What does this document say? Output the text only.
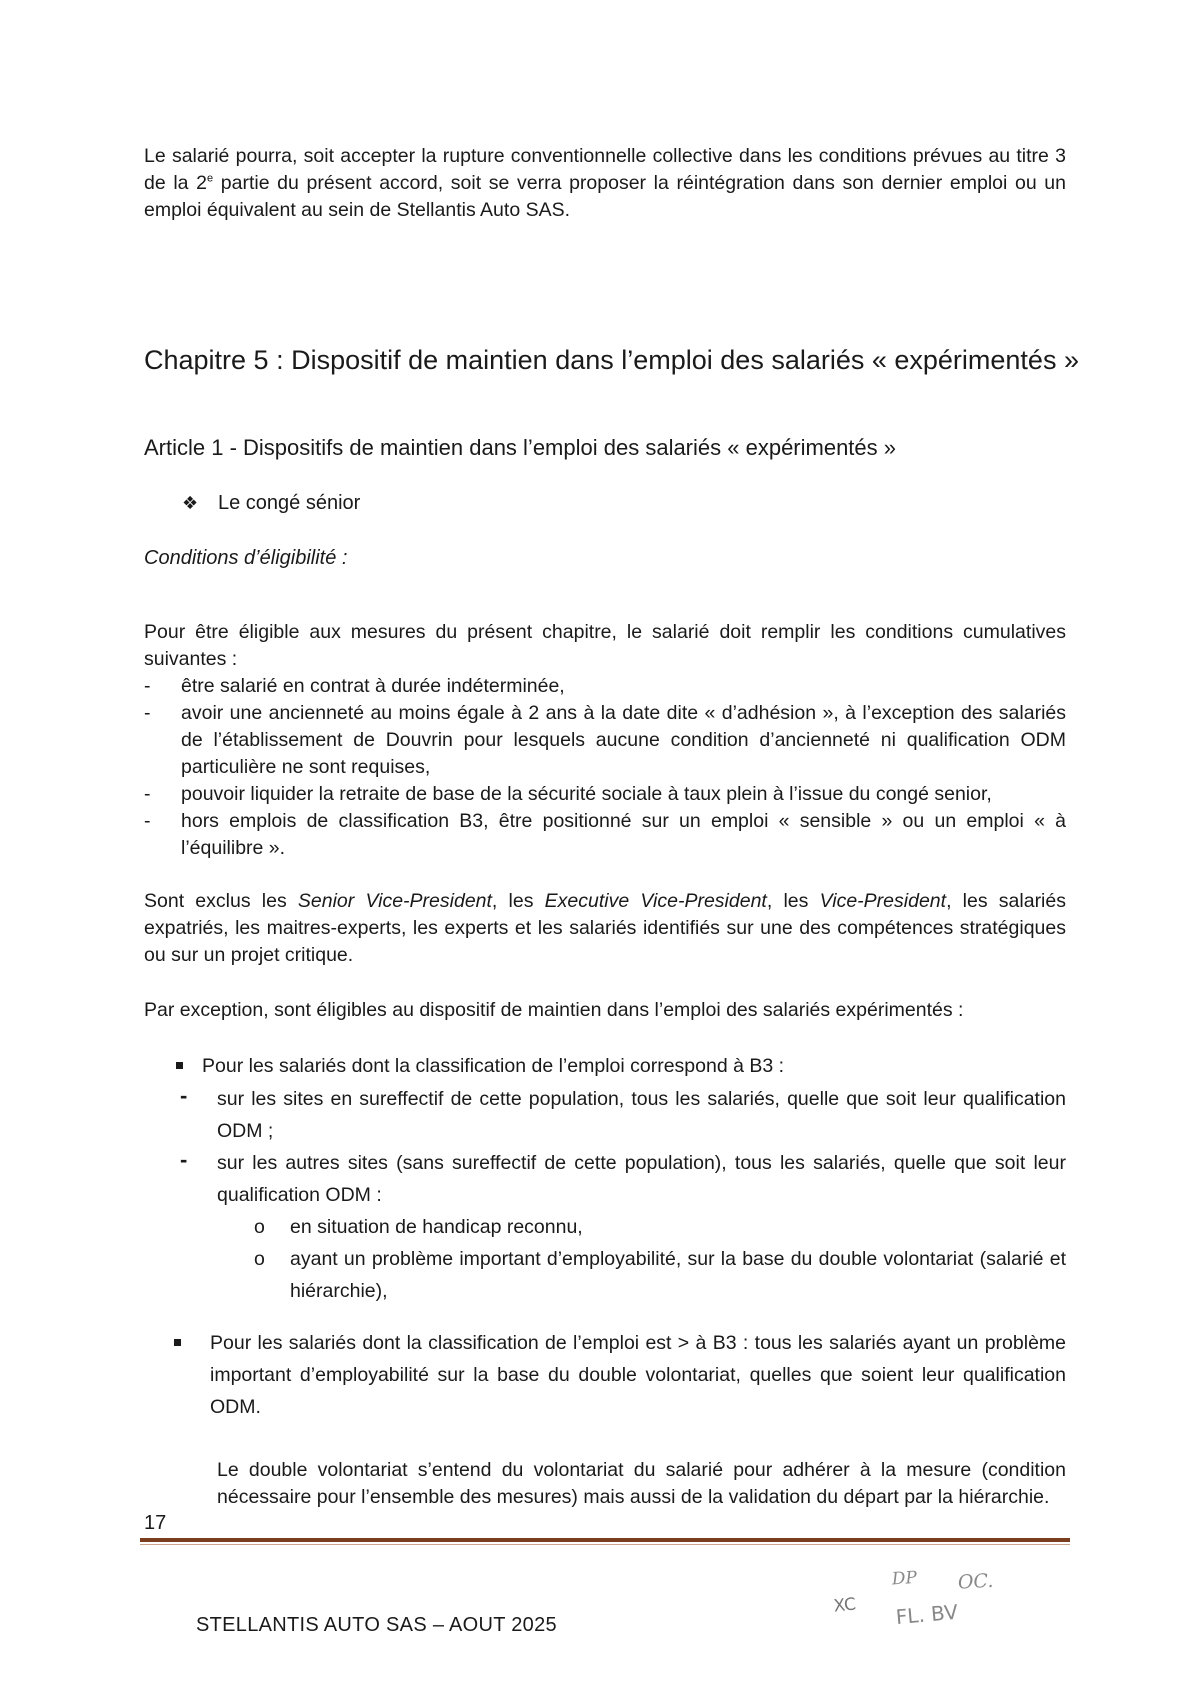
Le salarié pourra, soit accepter la rupture conventionnelle collective dans les conditions prévues au titre 3 de la 2e partie du présent accord, soit se verra proposer la réintégration dans son dernier emploi ou un emploi équivalent au sein de Stellantis Auto SAS.
Chapitre 5 : Dispositif de maintien dans l’emploi des salariés « expérimentés »
Article 1 - Dispositifs de maintien dans l’emploi des salariés « expérimentés »
❖ Le congé sénior
Conditions d’éligibilité :
Pour être éligible aux mesures du présent chapitre, le salarié doit remplir les conditions cumulatives suivantes :
- être salarié en contrat à durée indéterminée,
- avoir une ancienneté au moins égale à 2 ans à la date dite « d’adhésion », à l’exception des salariés de l’établissement de Douvrin pour lesquels aucune condition d’ancienneté ni qualification ODM particulière ne sont requises,
- pouvoir liquider la retraite de base de la sécurité sociale à taux plein à l’issue du congé senior,
- hors emplois de classification B3, être positionné sur un emploi « sensible » ou un emploi « à l’équilibre ».
Sont exclus les Senior Vice-President, les Executive Vice-President, les Vice-President, les salariés expatriés, les maitres-experts, les experts et les salariés identifiés sur une des compétences stratégiques ou sur un projet critique.
Par exception, sont éligibles au dispositif de maintien dans l’emploi des salariés expérimentés :
Pour les salariés dont la classification de l’emploi correspond à B3 :
- sur les sites en sureffectif de cette population, tous les salariés, quelle que soit leur qualification ODM ;
- sur les autres sites (sans sureffectif de cette population), tous les salariés, quelle que soit leur qualification ODM :
o en situation de handicap reconnu,
o ayant un problème important d’employabilité, sur la base du double volontariat (salarié et hiérarchie),
Pour les salariés dont la classification de l’emploi est > à B3 : tous les salariés ayant un problème important d’employabilité sur la base du double volontariat, quelles que soient leur qualification ODM.
Le double volontariat s’entend du volontariat du salarié pour adhérer à la mesure (condition nécessaire pour l’ensemble des mesures) mais aussi de la validation du départ par la hiérarchie.
17
XC
DP OC.
FL. BV
STELLANTIS AUTO SAS – AOUT 2025
